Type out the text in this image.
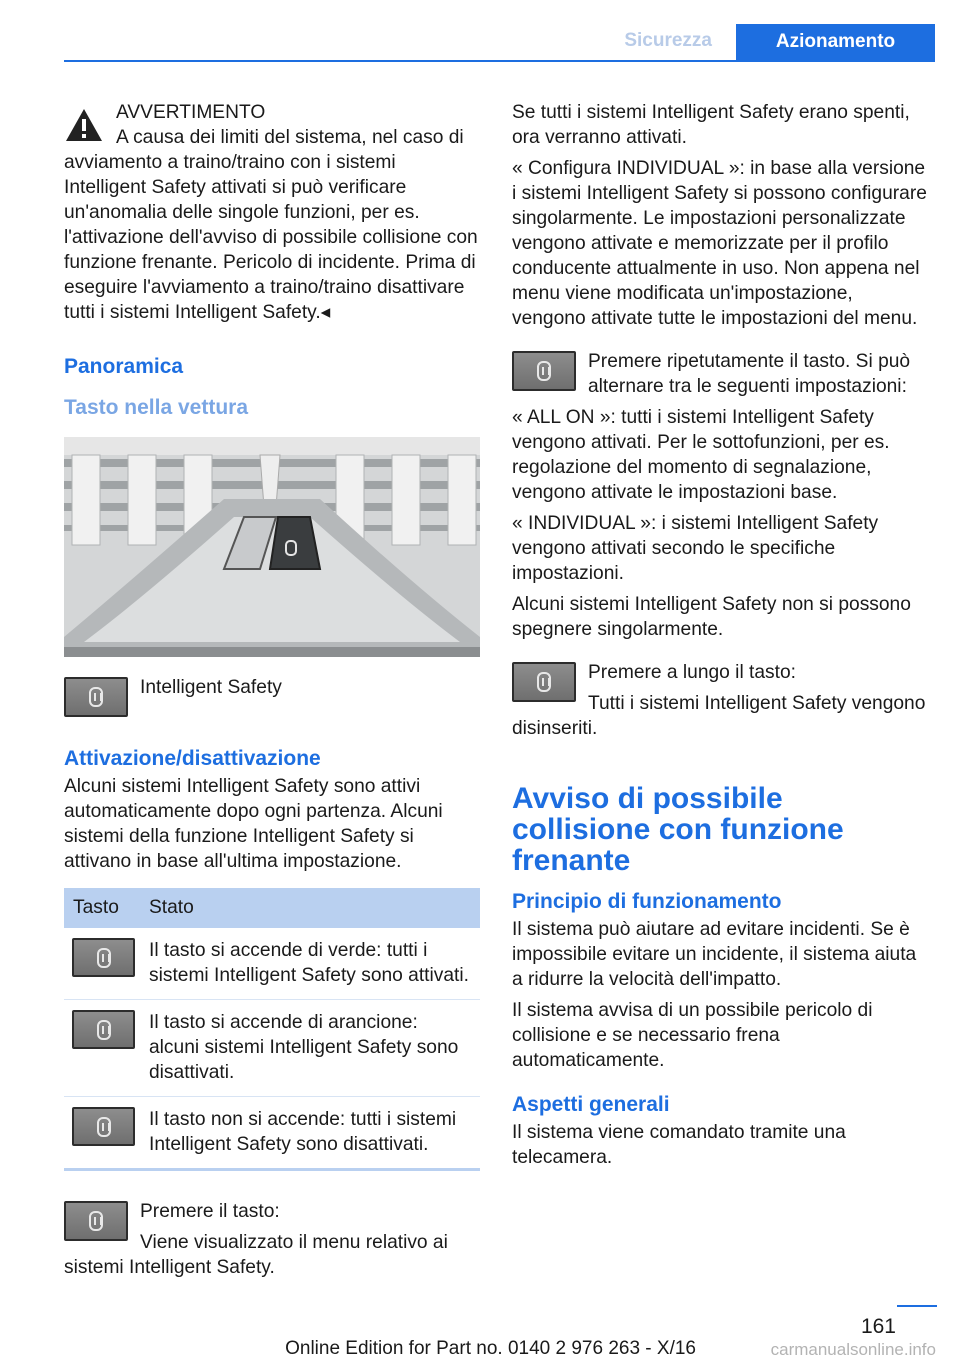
Sicurezza	Azionamento

AVVERTIMENTO

A causa dei limiti del sistema, nel caso di avviamento a traino/traino con i sistemi Intelligent Safety attivati si può verificare un'anomalia delle singole funzioni, per es. l'attivazione dell'avviso di possibile collisione con funzione frenante. Pericolo di incidente. Prima di eseguire l'avviamento a traino/traino disattivare tutti i sistemi Intelligent Safety.◂

Panoramica
Tasto nella vettura

Intelligent Safety

Attivazione/disattivazione

Alcuni sistemi Intelligent Safety sono attivi automaticamente dopo ogni partenza. Alcuni sistemi della funzione Intelligent Safety si attivano in base all'ultima impostazione.

Tasto	Stato

	Il tasto si accende di verde: tutti i sistemi Intelligent Safety sono attivati.

	Il tasto si accende di arancione: alcuni sistemi Intelligent Safety sono disattivati.

	Il tasto non si accende: tutti i sistemi Intelligent Safety sono disattivati.

Premere il tasto:

Viene visualizzato il menu relativo ai sistemi Intelligent Safety.

Se tutti i sistemi Intelligent Safety erano spenti, ora verranno attivati.

« Configura INDIVIDUAL »: in base alla versione i sistemi Intelligent Safety si possono configurare singolarmente. Le impostazioni personalizzate vengono attivate e memorizzate per il profilo conducente attualmente in uso. Non appena nel menu viene modificata un'impostazione, vengono attivate tutte le impostazioni del menu.

Premere ripetutamente il tasto. Si può alternare tra le seguenti impostazioni:

« ALL ON »: tutti i sistemi Intelligent Safety vengono attivati. Per le sottofunzioni, per es. regolazione del momento di segnalazione, vengono attivate le impostazioni base.

« INDIVIDUAL »: i sistemi Intelligent Safety vengono attivati secondo le specifiche impostazioni.

Alcuni sistemi Intelligent Safety non si possono spegnere singolarmente.

Premere a lungo il tasto:

Tutti i sistemi Intelligent Safety vengono disinseriti.

Avviso di possibile collisione con funzione frenante
Principio di funzionamento

Il sistema può aiutare ad evitare incidenti. Se è impossibile evitare un incidente, il sistema aiuta a ridurre la velocità dell'impatto.

Il sistema avvisa di un possibile pericolo di collisione e se necessario frena automaticamente.

Aspetti generali

Il sistema viene comandato tramite una telecamera.

161
Online Edition for Part no. 0140 2 976 263 - X/16	carmanualsonline.info
